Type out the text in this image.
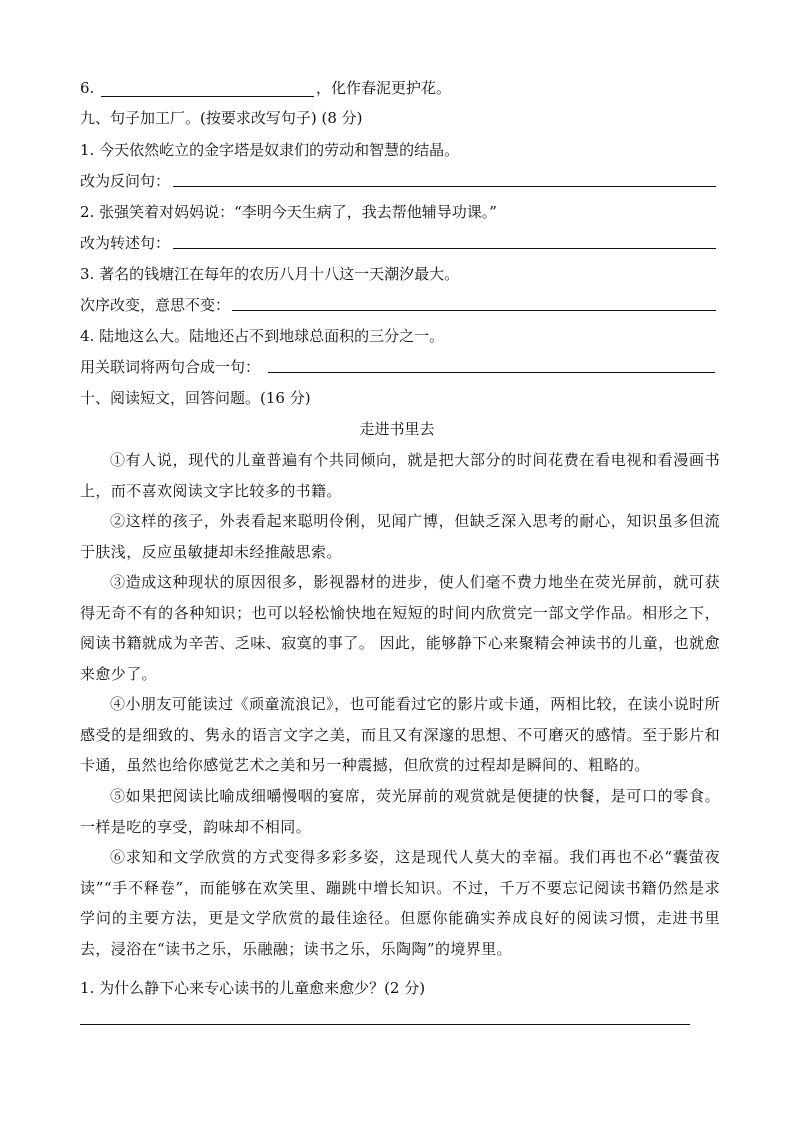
6.	，化作春泥更护花。
九、句子加工厂。(按要求改写句子) (8 分)
1. 今天依然屹立的金字塔是奴隶们的劳动和智慧的结晶。
改为反问句：
2. 张强笑着对妈妈说：“李明今天生病了，我去帮他辅导功课。”
改为转述句：
3. 著名的钱塘江在每年的农历八月十八这一天潮汐最大。
次序改变，意思不变：
4. 陆地这么大。陆地还占不到地球总面积的三分之一。
用关联词将两句合成一句：
十、阅读短文，回答问题。(16 分)
走进书里去

①有人说，现代的儿童普遍有个共同倾向，就是把大部分的时间花费在看电视和看漫画书上，而不喜欢阅读文字比较多的书籍。

②这样的孩子，外表看起来聪明伶俐，见闻广博，但缺乏深入思考的耐心，知识虽多但流于肤浅，反应虽敏捷却未经推敲思索。

③造成这种现状的原因很多，影视器材的进步，使人们毫不费力地坐在荧光屏前，就可获得无奇不有的各种知识；也可以轻松愉快地在短短的时间内欣赏完一部文学作品。相形之下，阅读书籍就成为辛苦、乏味、寂寞的事了。 因此，能够静下心来聚精会神读书的儿童，也就愈来愈少了。

④小朋友可能读过《顽童流浪记》，也可能看过它的影片或卡通，两相比较，在读小说时所感受的是细致的、隽永的语言文字之美，而且又有深邃的思想、不可磨灭的感情。至于影片和卡通，虽然也给你感觉艺术之美和另一种震撼，但欣赏的过程却是瞬间的、粗略的。

⑤如果把阅读比喻成细嚼慢咽的宴席，荧光屏前的观赏就是便捷的快餐，是可口的零食。一样是吃的享受，韵味却不相同。

⑥求知和文学欣赏的方式变得多彩多姿，这是现代人莫大的幸福。我们再也不必“囊萤夜读”“手不释卷”，而能够在欢笑里、蹦跳中增长知识。不过，千万不要忘记阅读书籍仍然是求学问的主要方法，更是文学欣赏的最佳途径。但愿你能确实养成良好的阅读习惯，走进书里去，浸浴在“读书之乐，乐融融；读书之乐，乐陶陶”的境界里。

1. 为什么静下心来专心读书的儿童愈来愈少？(2 分)
